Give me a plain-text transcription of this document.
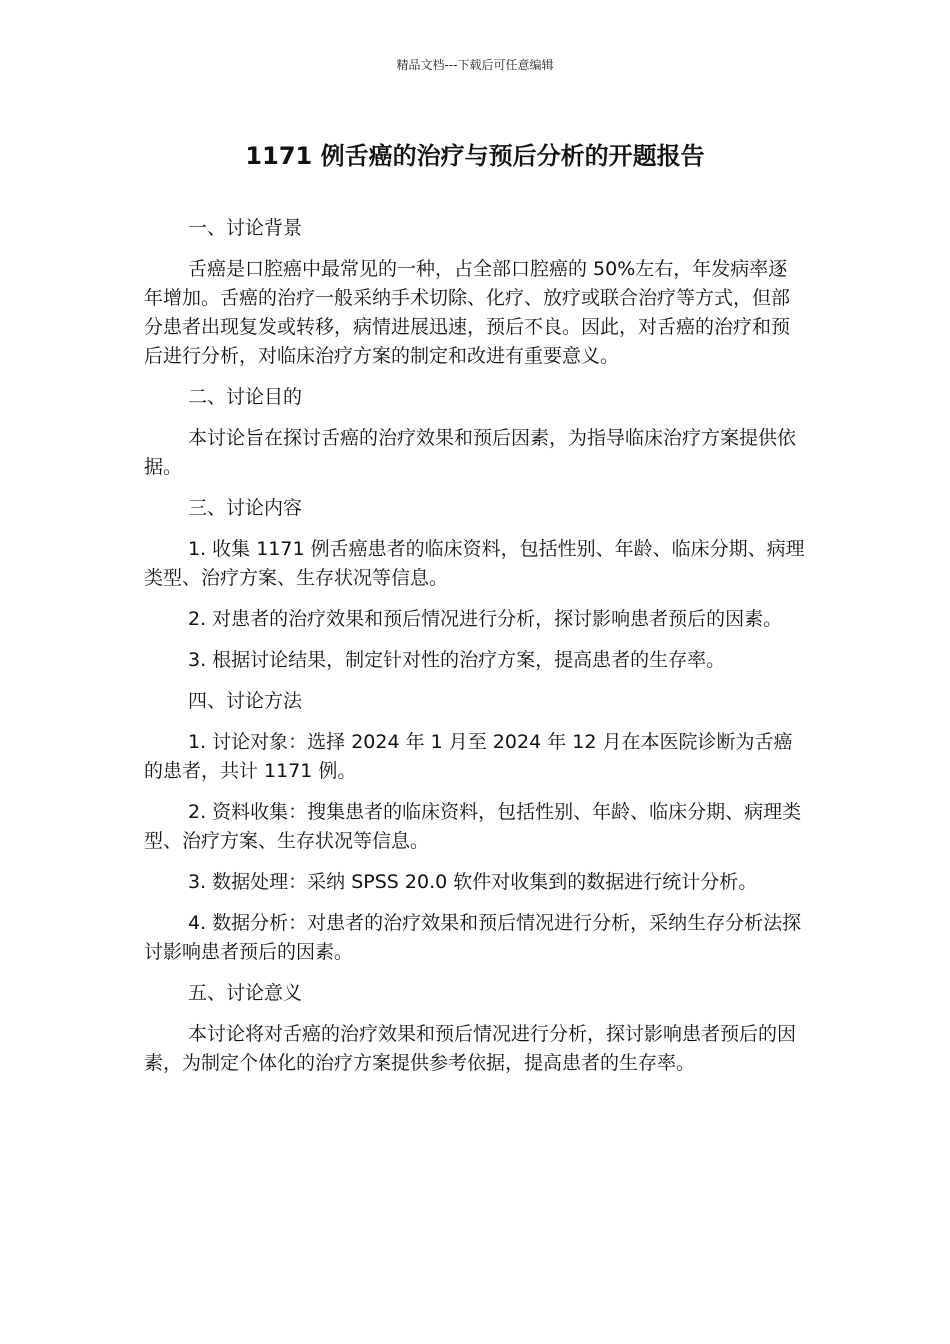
精品文档---下载后可任意编辑
1171 例舌癌的治疗与预后分析的开题报告

一、讨论背景

舌癌是口腔癌中最常见的一种，占全部口腔癌的 50%左右，年发病率逐年增加。舌癌的治疗一般采纳手术切除、化疗、放疗或联合治疗等方式，但部分患者出现复发或转移，病情进展迅速，预后不良。因此，对舌癌的治疗和预后进行分析，对临床治疗方案的制定和改进有重要意义。

二、讨论目的

本讨论旨在探讨舌癌的治疗效果和预后因素，为指导临床治疗方案提供依据。

三、讨论内容

1. 收集 1171 例舌癌患者的临床资料，包括性别、年龄、临床分期、病理类型、治疗方案、生存状况等信息。

2. 对患者的治疗效果和预后情况进行分析，探讨影响患者预后的因素。

3. 根据讨论结果，制定针对性的治疗方案，提高患者的生存率。

四、讨论方法

1. 讨论对象：选择 2024 年 1 月至 2024 年 12 月在本医院诊断为舌癌的患者，共计 1171 例。

2. 资料收集：搜集患者的临床资料，包括性别、年龄、临床分期、病理类型、治疗方案、生存状况等信息。

3. 数据处理：采纳 SPSS 20.0 软件对收集到的数据进行统计分析。

4. 数据分析：对患者的治疗效果和预后情况进行分析，采纳生存分析法探讨影响患者预后的因素。

五、讨论意义

本讨论将对舌癌的治疗效果和预后情况进行分析，探讨影响患者预后的因素，为制定个体化的治疗方案提供参考依据，提高患者的生存率。
